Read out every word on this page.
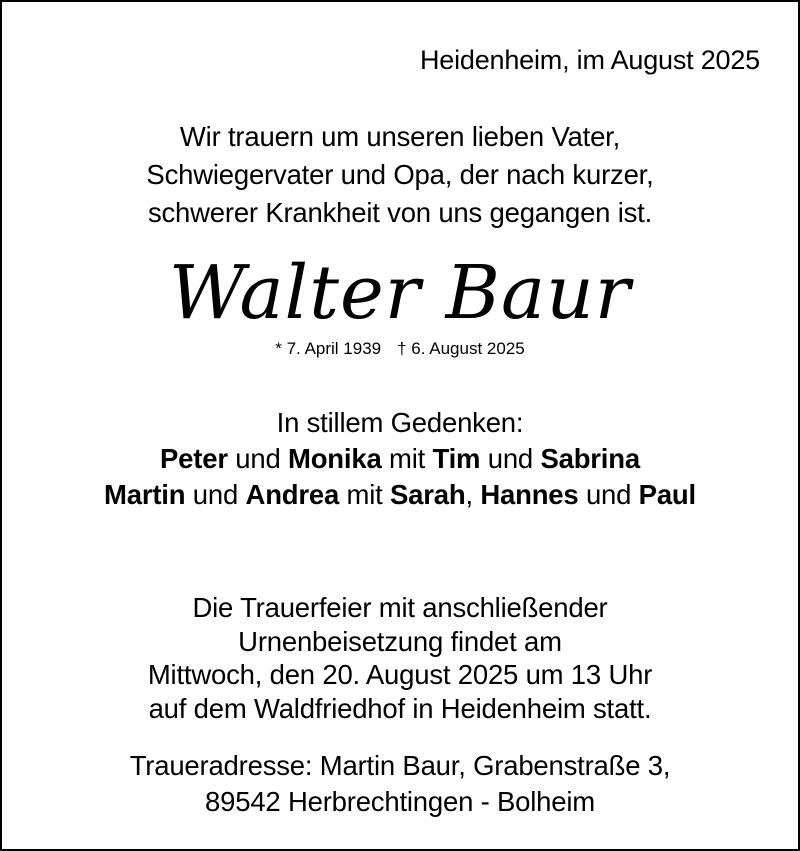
Heidenheim, im August 2025
Wir trauern um unseren lieben Vater,
Schwiegervater und Opa, der nach kurzer,
schwerer Krankheit von uns gegangen ist.
Walter Baur
* 7. April 1939 † 6. August 2025
In stillem Gedenken:
Peter und Monika mit Tim und Sabrina
Martin und Andrea mit Sarah, Hannes und Paul
Die Trauerfeier mit anschließender
Urnenbeisetzung findet am
Mittwoch, den 20. August 2025 um 13 Uhr
auf dem Waldfriedhof in Heidenheim statt.
Traueradresse: Martin Baur, Grabenstraße 3,
89542 Herbrechtingen - Bolheim
